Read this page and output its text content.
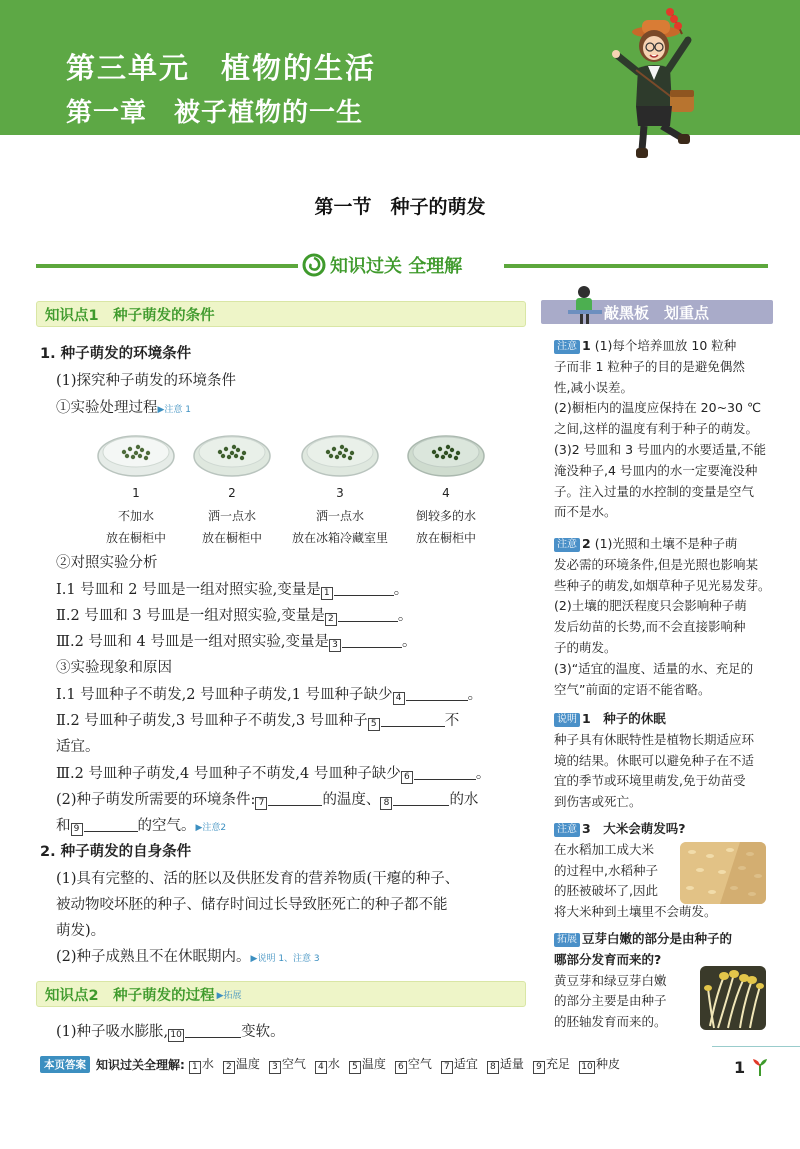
第三单元　植物的生活
第一章　被子植物的一生
第一节　种子的萌发
知识过关 全理解
知识点1　种子萌发的条件
1. 种子萌发的环境条件
(1)探究种子萌发的环境条件
①实验处理过程▶注意 1
1
不加水
放在橱柜中
2
洒一点水
放在橱柜中
3
洒一点水
放在冰箱冷藏室里
4
倒较多的水
放在橱柜中
②对照实验分析
Ⅰ.1 号皿和 2 号皿是一组对照实验,变量是 1	。
Ⅱ.2 号皿和 3 号皿是一组对照实验,变量是 2	。
Ⅲ.2 号皿和 4 号皿是一组对照实验,变量是 3	。
③实验现象和原因
Ⅰ.1 号皿种子不萌发,2 号皿种子萌发,1 号皿种子缺少 4	。
Ⅱ.2 号皿种子萌发,3 号皿种子不萌发,3 号皿种子 5	不
适宜。
Ⅲ.2 号皿种子萌发,4 号皿种子不萌发,4 号皿种子缺少 6	。
(2)种子萌发所需要的环境条件: 7	的温度、 8	的水
和 9	的空气。▶注意2
2. 种子萌发的自身条件
(1)具有完整的、活的胚以及供胚发育的营养物质(干瘪的种子、
被动物咬坏胚的种子、储存时间过长导致胚死亡的种子都不能
萌发)。
(2)种子成熟且不在休眠期内。▶说明 1、注意 3
知识点2　种子萌发的过程 ▶拓展
(1)种子吸水膨胀, 10	变软。
敲黑板　划重点
注意 1 (1)每个培养皿放 10 粒种
子而非 1 粒种子的目的是避免偶然
性,减小误差。
(2)橱柜内的温度应保持在 20~30 ℃
之间,这样的温度有利于种子的萌发。
(3)2 号皿和 3 号皿内的水要适量,不能
淹没种子,4 号皿内的水一定要淹没种
子。注入过量的水控制的变量是空气
而不是水。
注意 2 (1)光照和土壤不是种子萌
发必需的环境条件,但是光照也影响某
些种子的萌发,如烟草种子见光易发芽。
(2)土壤的肥沃程度只会影响种子萌
发后幼苗的长势,而不会直接影响种
子的萌发。
(3)“适宜的温度、适量的水、充足的
空气”前面的定语不能省略。
说明 1　 种子的休眠
种子具有休眠特性是植物长期适应环
境的结果。休眠可以避免种子在不适
宜的季节或环境里萌发,免于幼苗受
到伤害或死亡。
注意 3　 大米会萌发吗?
在水稻加工成大米
的过程中,水稻种子
的胚被破坏了,因此
将大米种到土壤里不会萌发。
拓展 豆芽白嫩的部分是由种子的
哪部分发育而来的?
黄豆芽和绿豆芽白嫩
的部分主要是由种子
的胚轴发育而来的。
本页答案 知识过关全理解: 1 水	2 温度	3 空气	4 水	5 温度	6 空气	7 适宜	8 适量	9 充足 10 种皮	1
